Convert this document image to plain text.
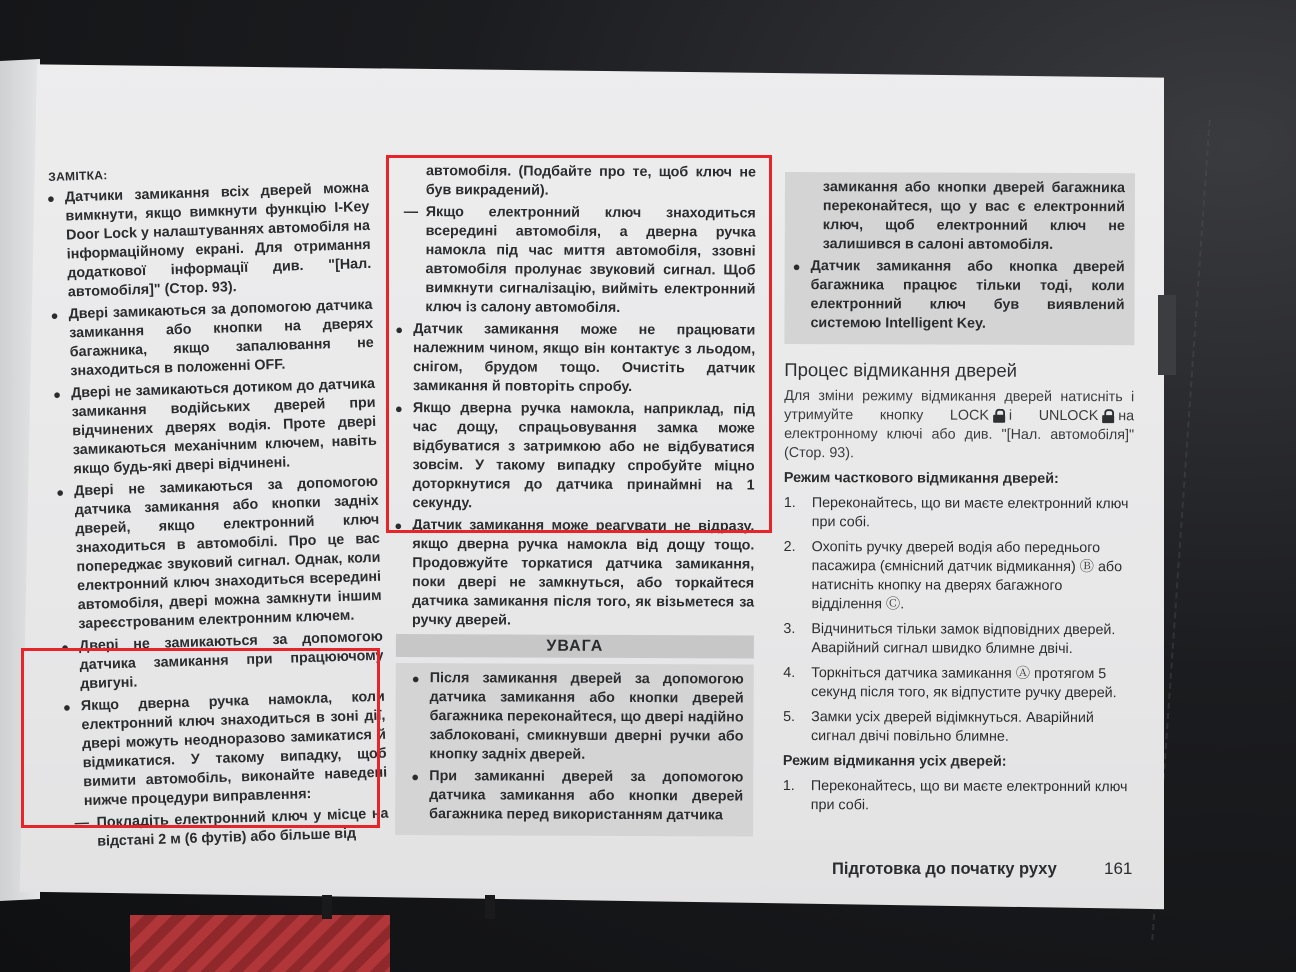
ЗАМІТКА:

● Датчики замикання всіх дверей можна вимкнути, якщо вимкнути функцію I-Key Door Lock у налаштуваннях автомобіля на інформаційному екрані. Для отримання додаткової інформації див. "[Нал. автомобіля]" (Стор. 93).

● Двері замикаються за допомогою датчика замикання або кнопки на дверях багажника, якщо запалювання не знаходиться в положенні OFF.

● Двері не замикаються дотиком до датчика замикання водійських дверей при відчинених дверях водія. Проте двері замикаються механічним ключем, навіть якщо будь-які двері відчинені.

● Двері не замикаються за допомогою датчика замикання або кнопки задніх дверей, якщо електронний ключ знаходиться в автомобілі. Про це вас попереджає звуковий сигнал. Однак, коли електронний ключ знаходиться всередині автомобіля, двері можна замкнути іншим зареєстрованим електронним ключем.

● Двері не замикаються за допомогою датчика замикання при працюючому двигуні.

● Якщо дверна ручка намокла, коли електронний ключ знаходиться в зоні дії, двері можуть неодноразово замикатися й відмикатися. У такому випадку, щоб вимити автомобіль, виконайте наведені нижче процедури виправлення:

— Покладіть електронний ключ у місце на відстані 2 м (6 футів) або більше від

автомобіля. (Подбайте про те, щоб ключ не був викрадений).

— Якщо електронний ключ знаходиться всередині автомобіля, а дверна ручка намокла під час миття автомобіля, ззовні автомобіля пролунає звуковий сигнал. Щоб вимкнути сигналізацію, вийміть електронний ключ із салону автомобіля.

● Датчик замикання може не працювати належним чином, якщо він контактує з льодом, снігом, брудом тощо. Очистіть датчик замикання й повторіть спробу.

● Якщо дверна ручка намокла, наприклад, під час дощу, спрацьовування замка може відбуватися з затримкою або не відбуватися зовсім. У такому випадку спробуйте міцно доторкнутися до датчика принаймні на 1 секунду.

● Датчик замикання може реагувати не відразу, якщо дверна ручка намокла від дощу тощо. Продовжуйте торкатися датчика замикання, поки двері не замкнуться, або торкайтеся датчика замикання після того, як візьметеся за ручку дверей.

УВАГА

● Після замикання дверей за допомогою датчика замикання або кнопки дверей багажника переконайтеся, що двері надійно заблоковані, смикнувши дверні ручки або кнопку задніх дверей.

● При замиканні дверей за допомогою датчика замикання або кнопки дверей багажника перед використанням датчика

замикання або кнопки дверей багажника переконайтеся, що у вас є електронний ключ, щоб електронний ключ не залишився в салоні автомобіля.

● Датчик замикання або кнопка дверей багажника працює тільки тоді, коли електронний ключ був виявлений системою Intelligent Key.

Процес відмикання дверей

Для зміни режиму відмикання дверей натисніть і утримуйте кнопку LOCK і UNLOCK на електронному ключі або див. "[Нал. автомобіля]" (Стор. 93).

Режим часткового відмикання дверей:
1. Переконайтесь, що ви маєте електронний ключ при собі.
2. Охопіть ручку дверей водія або переднього пасажира (ємнісний датчик відмикання) Ⓑ або натисніть кнопку на дверях багажного відділення Ⓒ.
3. Відчиниться тільки замок відповідних дверей. Аварійний сигнал швидко блимне двічі.
4. Торкніться датчика замикання Ⓐ протягом 5 секунд після того, як відпустите ручку дверей.
5. Замки усіх дверей відімкнуться. Аварійний сигнал двічі повільно блимне.
Режим відмикання усіх дверей:
1. Переконайтесь, що ви маєте електронний ключ при собі.
Підготовка до початку руху	161
